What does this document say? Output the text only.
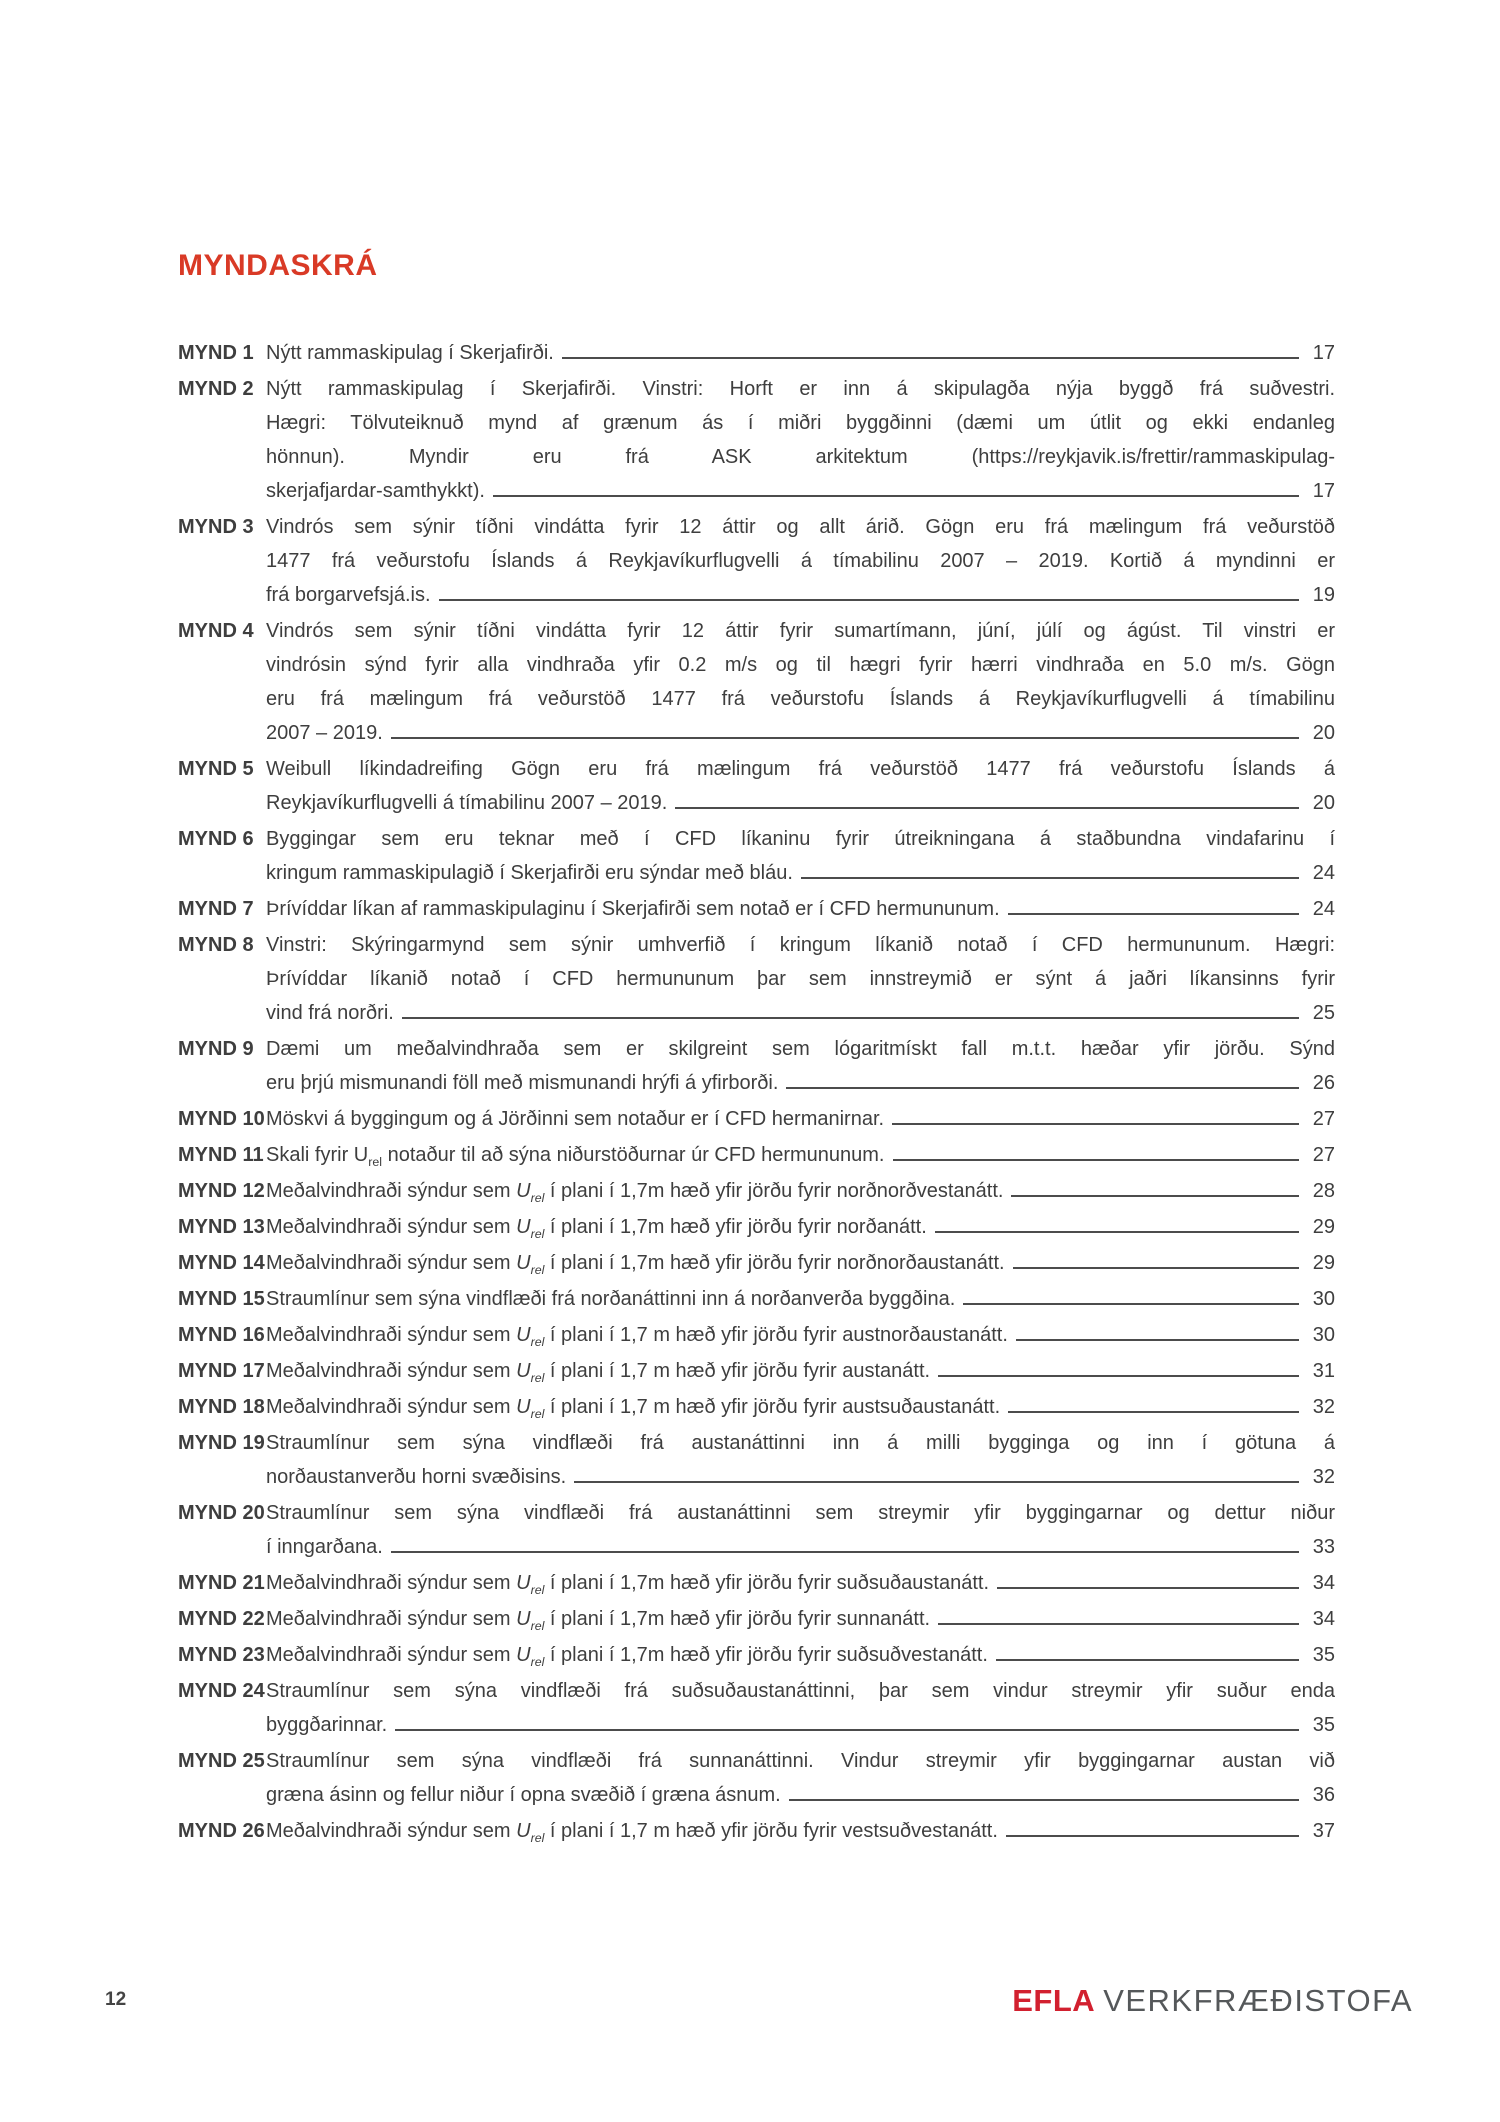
MYNDASKRÁ
MYND 1 Nýtt rammaskipulag í Skerjafirði.	17
MYND 2 Nýtt rammaskipulag í Skerjafirði. Vinstri: Horft er inn á skipulagða nýja byggð frá suðvestri.
Hægri: Tölvuteiknuð mynd af grænum ás í miðri byggðinni (dæmi um útlit og ekki endanleg
hönnun). Myndir eru frá ASK arkitektum (https://reykjavik.is/frettir/rammaskipulag-
skerjafjardar-samthykkt).	17
MYND 3 Vindrós sem sýnir tíðni vindátta fyrir 12 áttir og allt árið. Gögn eru frá mælingum frá veðurstöð
1477 frá veðurstofu Íslands á Reykjavíkurflugvelli á tímabilinu 2007 – 2019. Kortið á myndinni er
frá borgarvefsjá.is.	19
MYND 4 Vindrós sem sýnir tíðni vindátta fyrir 12 áttir fyrir sumartímann, júní, júlí og ágúst. Til vinstri er
vindrósin sýnd fyrir alla vindhraða yfir 0.2 m/s og til hægri fyrir hærri vindhraða en 5.0 m/s. Gögn
eru frá mælingum frá veðurstöð 1477 frá veðurstofu Íslands á Reykjavíkurflugvelli á tímabilinu
2007 – 2019.	20
MYND 5 Weibull líkindadreifing Gögn eru frá mælingum frá veðurstöð 1477 frá veðurstofu Íslands á
Reykjavíkurflugvelli á tímabilinu 2007 – 2019.	20
MYND 6 Byggingar sem eru teknar með í CFD líkaninu fyrir útreikningana á staðbundna vindafarinu í
kringum rammaskipulagið í Skerjafirði eru sýndar með bláu.	24
MYND 7 Þrívíddar líkan af rammaskipulaginu í Skerjafirði sem notað er í CFD hermununum.	24
MYND 8 Vinstri: Skýringarmynd sem sýnir umhverfið í kringum líkanið notað í CFD hermununum. Hægri:
Þrívíddar líkanið notað í CFD hermununum þar sem innstreymið er sýnt á jaðri líkansinns fyrir
vind frá norðri.	25
MYND 9 Dæmi um meðalvindhraða sem er skilgreint sem lógaritmískt fall m.t.t. hæðar yfir jörðu. Sýnd
eru þrjú mismunandi föll með mismunandi hrýfi á yfirborði.	26
MYND 10 Möskvi á byggingum og á Jörðinni sem notaður er í CFD hermanirnar.	27
MYND 11 Skali fyrir $U_{rel}$ notaður til að sýna niðurstöðurnar úr CFD hermununum.	27
MYND 12 Meðalvindhraði sýndur sem $U_{rel}$ í plani í 1,7m hæð yfir jörðu fyrir norðnorðvestanátt.	28
MYND 13 Meðalvindhraði sýndur sem $U_{rel}$ í plani í 1,7m hæð yfir jörðu fyrir norðanátt.	29
MYND 14 Meðalvindhraði sýndur sem $U_{rel}$ í plani í 1,7m hæð yfir jörðu fyrir norðnorðaustanátt.	29
MYND 15 Straumlínur sem sýna vindflæði frá norðanáttinni inn á norðanverða byggðina.	30
MYND 16 Meðalvindhraði sýndur sem $U_{rel}$ í plani í 1,7 m hæð yfir jörðu fyrir austnorðaustanátt.	30
MYND 17 Meðalvindhraði sýndur sem $U_{rel}$ í plani í 1,7 m hæð yfir jörðu fyrir austanátt.	31
MYND 18 Meðalvindhraði sýndur sem $U_{rel}$ í plani í 1,7 m hæð yfir jörðu fyrir austsuðaustanátt.	32
MYND 19 Straumlínur sem sýna vindflæði frá austanáttinni inn á milli bygginga og inn í götuna á
norðaustanverðu horni svæðisins.	32
MYND 20 Straumlínur sem sýna vindflæði frá austanáttinni sem streymir yfir byggingarnar og dettur niður
í inngarðana.	33
MYND 21 Meðalvindhraði sýndur sem $U_{rel}$ í plani í 1,7m hæð yfir jörðu fyrir suðsuðaustanátt.	34
MYND 22 Meðalvindhraði sýndur sem $U_{rel}$ í plani í 1,7m hæð yfir jörðu fyrir sunnanátt.	34
MYND 23 Meðalvindhraði sýndur sem $U_{rel}$ í plani í 1,7m hæð yfir jörðu fyrir suðsuðvestanátt.	35
MYND 24 Straumlínur sem sýna vindflæði frá suðsuðaustanáttinni, þar sem vindur streymir yfir suður enda
byggðarinnar.	35
MYND 25 Straumlínur sem sýna vindflæði frá sunnanáttinni. Vindur streymir yfir byggingarnar austan við
græna ásinn og fellur niður í opna svæðið í græna ásnum.	36
MYND 26 Meðalvindhraði sýndur sem $U_{rel}$ í plani í 1,7 m hæð yfir jörðu fyrir vestsuðvestanátt.	37
12	EFLA VERKFRÆÐISTOFA
